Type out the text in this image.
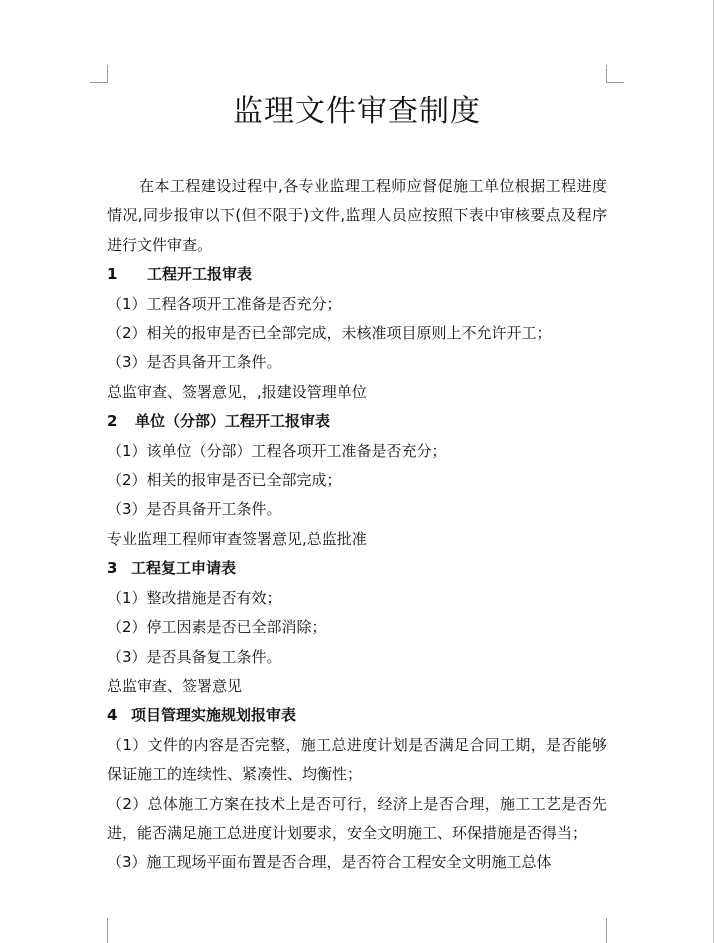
监理文件审查制度

在本工程建设过程中,各专业监理工程师应督促施工单位根据工程进度情况,同步报审以下(但不限于)文件,监理人员应按照下表中审核要点及程序进行文件审查。

1 工程开工报审表

（1）工程各项开工准备是否充分；

（2）相关的报审是否已全部完成，未核准项目原则上不允许开工；

（3）是否具备开工条件。

总监审查、签署意见，,报建设管理单位

2 单位（分部）工程开工报审表

（1）该单位（分部）工程各项开工准备是否充分；

（2）相关的报审是否已全部完成；

（3）是否具备开工条件。

专业监理工程师审查签署意见,总监批准

3 工程复工申请表

（1）整改措施是否有效；

（2）停工因素是否已全部消除；

（3）是否具备复工条件。

总监审查、签署意见

4 项目管理实施规划报审表

（1）文件的内容是否完整，施工总进度计划是否满足合同工期，是否能够保证施工的连续性、紧凑性、均衡性；

（2）总体施工方案在技术上是否可行，经济上是否合理，施工工艺是否先进，能否满足施工总进度计划要求，安全文明施工、环保措施是否得当；

（3）施工现场平面布置是否合理，是否符合工程安全文明施工总体
